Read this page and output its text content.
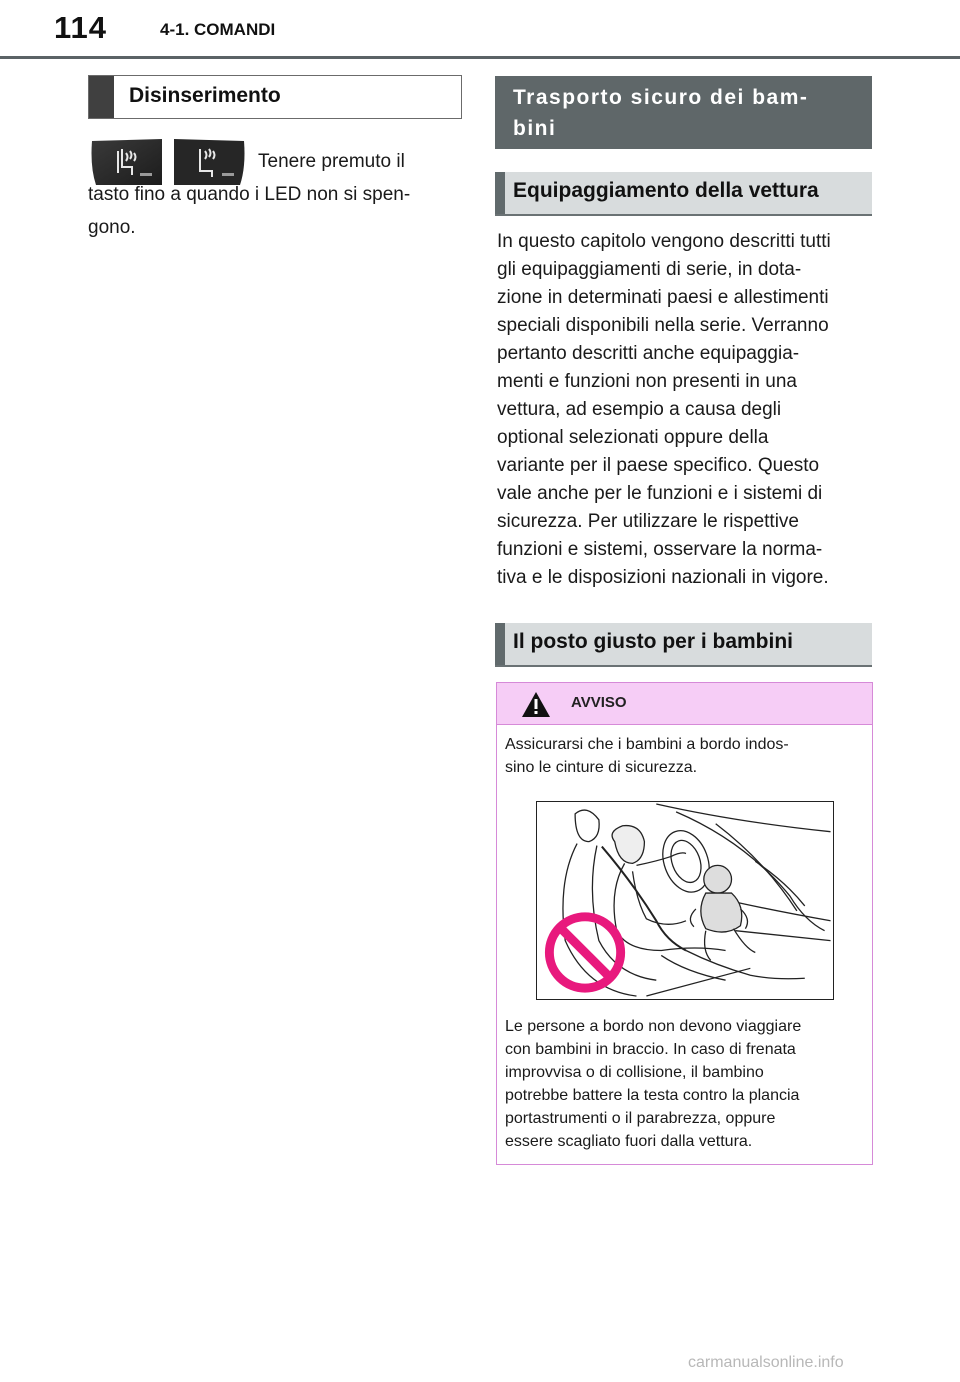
114	4-1. COMANDI
Disinserimento
Tenere premuto il
tasto fino a quando i LED non si spen-
gono.
Trasporto sicuro dei bam-
bini
Equipaggiamento della vettura
In questo capitolo vengono descritti tutti
gli equipaggiamenti di serie, in dota-
zione in determinati paesi e allestimenti
speciali disponibili nella serie. Verranno
pertanto descritti anche equipaggia-
menti e funzioni non presenti in una
vettura, ad esempio a causa degli
optional selezionati oppure della
variante per il paese specifico. Questo
vale anche per le funzioni e i sistemi di
sicurezza. Per utilizzare le rispettive
funzioni e sistemi, osservare la norma-
tiva e le disposizioni nazionali in vigore.
Il posto giusto per i bambini
AVVISO
Assicurarsi che i bambini a bordo indos-
sino le cinture di sicurezza.
Le persone a bordo non devono viaggiare
con bambini in braccio. In caso di frenata
improvvisa o di collisione, il bambino
potrebbe battere la testa contro la plancia
portastrumenti o il parabrezza, oppure
essere scagliato fuori dalla vettura.
carmanualsonline.info
